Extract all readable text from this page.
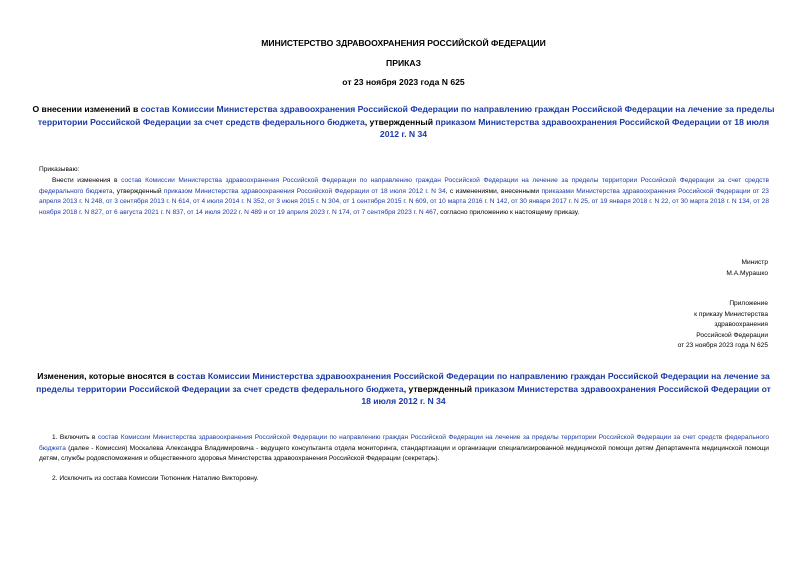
МИНИСТЕРСТВО ЗДРАВООХРАНЕНИЯ РОССИЙСКОЙ ФЕДЕРАЦИИ
ПРИКАЗ
от 23 ноября 2023 года N 625
О внесении изменений в состав Комиссии Министерства здравоохранения Российской Федерации по направлению граждан Российской Федерации на лечение за пределы территории Российской Федерации за счет средств федерального бюджета, утвержденный приказом Министерства здравоохранения Российской Федерации от 18 июля 2012 г. N 34
Приказываю:
Внести изменения в состав Комиссии Министерства здравоохранения Российской Федерации по направлению граждан Российской Федерации на лечение за пределы территории Российской Федерации за счет средств федерального бюджета, утвержденный приказом Министерства здравоохранения Российской Федерации от 18 июля 2012 г. N 34, с изменениями, внесенными приказами Министерства здравоохранения Российской Федерации от 23 апреля 2013 г. N 248, от 3 сентября 2013 г. N 614, от 4 июля 2014 г. N 352, от 3 июня 2015 г. N 304, от 1 сентября 2015 г. N 609, от 10 марта 2016 г. N 142, от 30 января 2017 г. N 25, от 19 января 2018 г. N 22, от 30 марта 2018 г. N 134, от 28 ноября 2018 г. N 827, от 6 августа 2021 г. N 837, от 14 июля 2022 г. N 489 и от 19 апреля 2023 г. N 174, от 7 сентября 2023 г. N 467, согласно приложению к настоящему приказу.
Министр
М.А.Мурашко
Приложение
к приказу Министерства
здравоохранения
Российской Федерации
от 23 ноября 2023 года N 625
Изменения, которые вносятся в состав Комиссии Министерства здравоохранения Российской Федерации по направлению граждан Российской Федерации на лечение за пределы территории Российской Федерации за счет средств федерального бюджета, утвержденный приказом Министерства здравоохранения Российской Федерации от 18 июля 2012 г. N 34
1. Включить в состав Комиссии Министерства здравоохранения Российской Федерации по направлению граждан Российской Федерации на лечение за пределы территории Российской Федерации за счет средств федерального бюджета (далее - Комиссия) Москалева Александра Владимировича - ведущего консультанта отдела мониторинга, стандартизации и организации специализированной медицинской помощи детям Департамента медицинской помощи детям, службы родовспоможения и общественного здоровья Министерства здравоохранения Российской Федерации (секретарь).
2. Исключить из состава Комиссии Тютюнник Наталию Викторовну.
